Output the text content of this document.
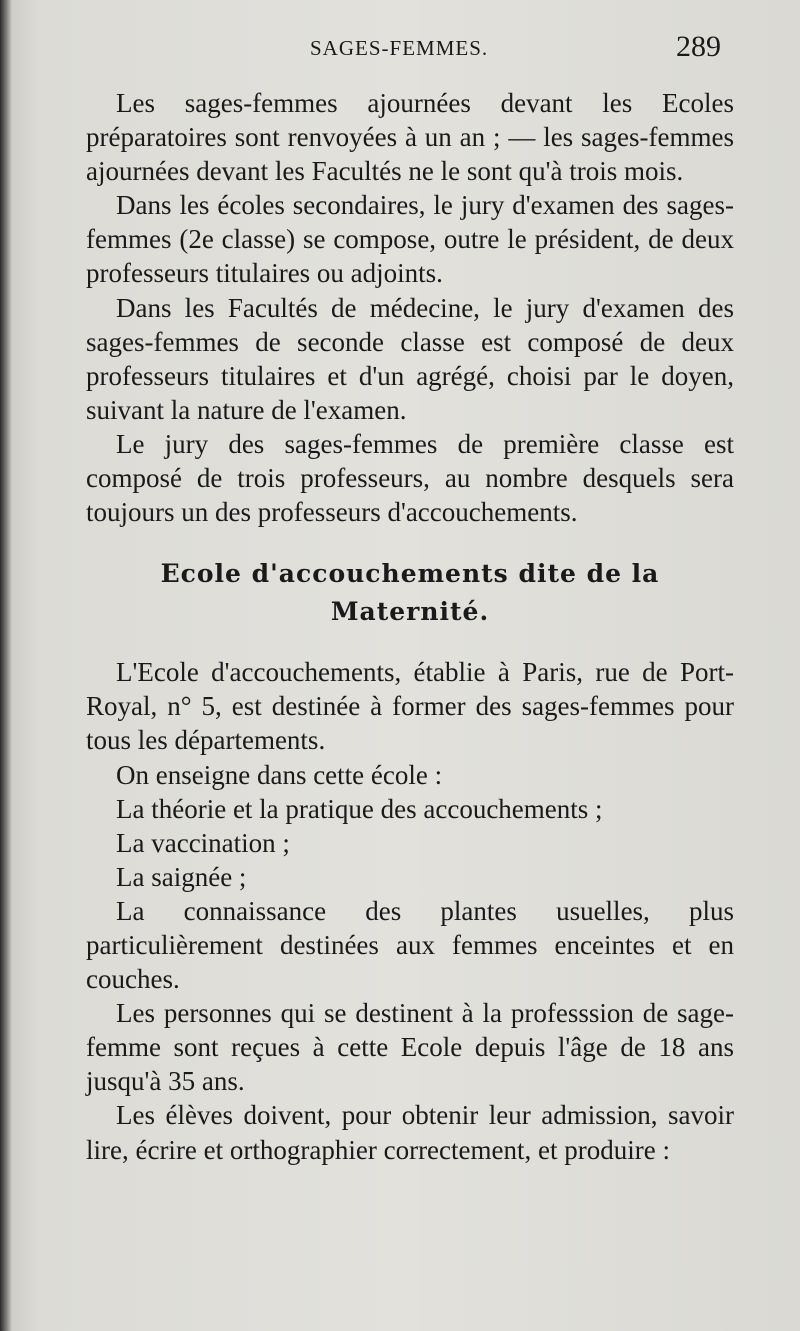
SAGES-FEMMES.	289

Les sages-femmes ajournées devant les Ecoles préparatoires sont renvoyées à un an ; — les sages-femmes ajournées devant les Facultés ne le sont qu'à trois mois.

Dans les écoles secondaires, le jury d'examen des sages-femmes (2e classe) se compose, outre le président, de deux professeurs titulaires ou adjoints.

Dans les Facultés de médecine, le jury d'examen des sages-femmes de seconde classe est composé de deux professeurs titulaires et d'un agrégé, choisi par le doyen, suivant la nature de l'examen.

Le jury des sages-femmes de première classe est composé de trois professeurs, au nombre desquels sera toujours un des professeurs d'accouchements.

Ecole d'accouchements dite de la Maternité.

L'Ecole d'accouchements, établie à Paris, rue de Port-Royal, n° 5, est destinée à former des sages-femmes pour tous les départements.

On enseigne dans cette école :

La théorie et la pratique des accouchements ;

La vaccination ;

La saignée ;

La connaissance des plantes usuelles, plus particulièrement destinées aux femmes enceintes et en couches.

Les personnes qui se destinent à la professsion de sage-femme sont reçues à cette Ecole depuis l'âge de 18 ans jusqu'à 35 ans.

Les élèves doivent, pour obtenir leur admission, savoir lire, écrire et orthographier correctement, et produire :
